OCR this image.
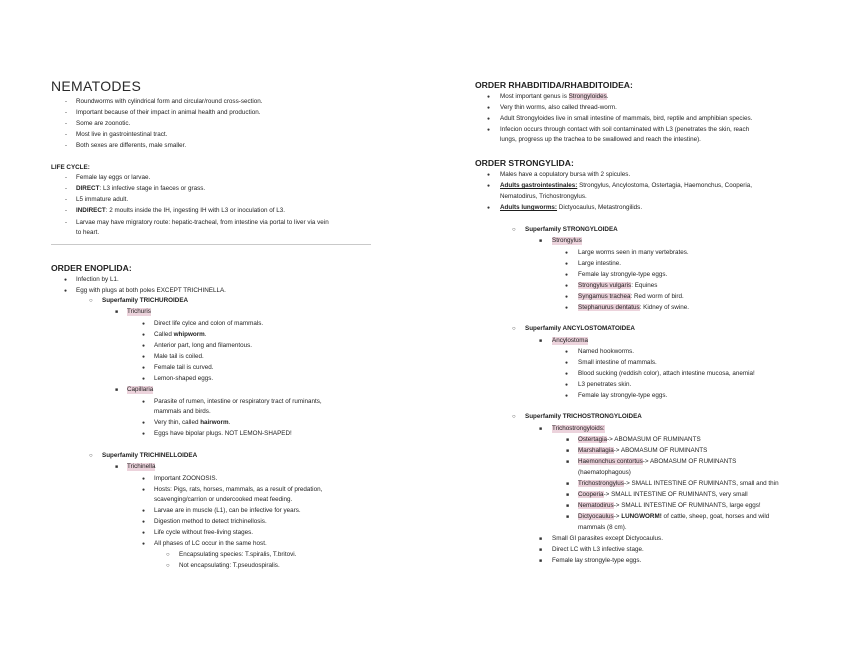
NEMATODES
- Roundworms with cylindrical form and circular/round cross-section.
- Important because of their impact in animal health and production.
- Some are zoonotic.
- Most live in gastrointestinal tract.
- Both sexes are differents, male smaller.
LIFE CYCLE:
- Female lay eggs or larvae.
- DIRECT: L3 infective stage in faeces or grass.
- L5 immature adult.
- INDIRECT: 2 moults inside the IH, ingesting IH with L3 or inoculation of L3.
- Larvae may have migratory route: hepatic-tracheal, from intestine via portal to liver via vein
to heart.
ORDER ENOPLIDA:
● Infection by L1.
● Egg with plugs at both poles EXCEPT TRICHINELLA.
○ Superfamily TRICHUROIDEA
■ Trichuris
● Direct life cylce and colon of mammals.
● Called whipworm.
● Anterior part, long and filamentous.
● Male tail is coiled.
● Female tail is curved.
● Lemon-shaped eggs.
■ Capillaria
● Parasite of rumen, intestine or respiratory tract of ruminants,
mammals and birds.
● Very thin, called hairworm.
● Eggs have bipolar plugs. NOT LEMON-SHAPED!
○ Superfamily TRICHINELLOIDEA
■ Trichinella
● Important ZOONOSIS.
● Hosts: Pigs, rats, horses, mammals, as a result of predation,
scavenging/carrion or undercooked meat feeding.
● Larvae are in muscle (L1), can be infective for years.
● Digestion method to detect trichinellosis.
● Life cycle without free-living stages.
● All phases of LC occur in the same host.
○ Encapsulating species: T.spiralis, T.britovi.
○ Not encapsulating: T.pseudospiralis.
ORDER RHABDITIDA/RHABDITOIDEA:
● Most important genus is Strongyloides.
● Very thin worms, also called thread-worm.
● Adult Strongyloides live in small intestine of mammals, bird, reptile and amphibian species.
● Infecion occurs through contact with soil contaminated with L3 (penetrates the skin, reach
lungs, progress up the trachea to be swallowed and reach the intestine).
ORDER STRONGYLIDA:
● Males have a copulatory bursa with 2 spicules.
● Adults gastrointestinales: Strongylus, Ancylostoma, Ostertagia, Haemonchus, Cooperia,
Nematodirus, Trichostrongylus.
● Adults lungworms: Dictyocaulus, Metastrongilids.
○ Superfamily STRONGYLOIDEA
■ Strongylus
● Large worms seen in many vertebrates.
● Large intestine.
● Female lay strongyle-type eggs.
● Strongylus vulgaris: Equines
● Syngamus trachea: Red worm of bird.
● Stephanurus dentatus: Kidney of swine.
○ Superfamily ANCYLOSTOMATOIDEA
■ Ancylostoma
● Named hookworms.
● Small intestine of mammals.
● Blood sucking (reddish color), attach intestine mucosa, anemia!
● L3 penetrates skin.
● Female lay strongyle-type eggs.
○ Superfamily TRICHOSTRONGYLOIDEA
■ Trichostrongyloids:
■ Ostertagia-> ABOMASUM OF RUMINANTS
■ Marshallagia-> ABOMASUM OF RUMINANTS
■ Haemonchus contortus-> ABOMASUM OF RUMINANTS
(haematophagous)
■ Trichostrongylus-> SMALL INTESTINE OF RUMINANTS, small and thin
■ Cooperia-> SMALL INTESTINE OF RUMINANTS, very small
■ Nematodirus-> SMALL INTESTINE OF RUMINANTS, large eggs!
■ Dictyocaulus-> LUNGWORM! of cattle, sheep, goat, horses and wild
mammals (8 cm).
■ Small GI parasites except Dictyocaulus.
■ Direct LC with L3 infective stage.
■ Female lay strongyle-type eggs.
